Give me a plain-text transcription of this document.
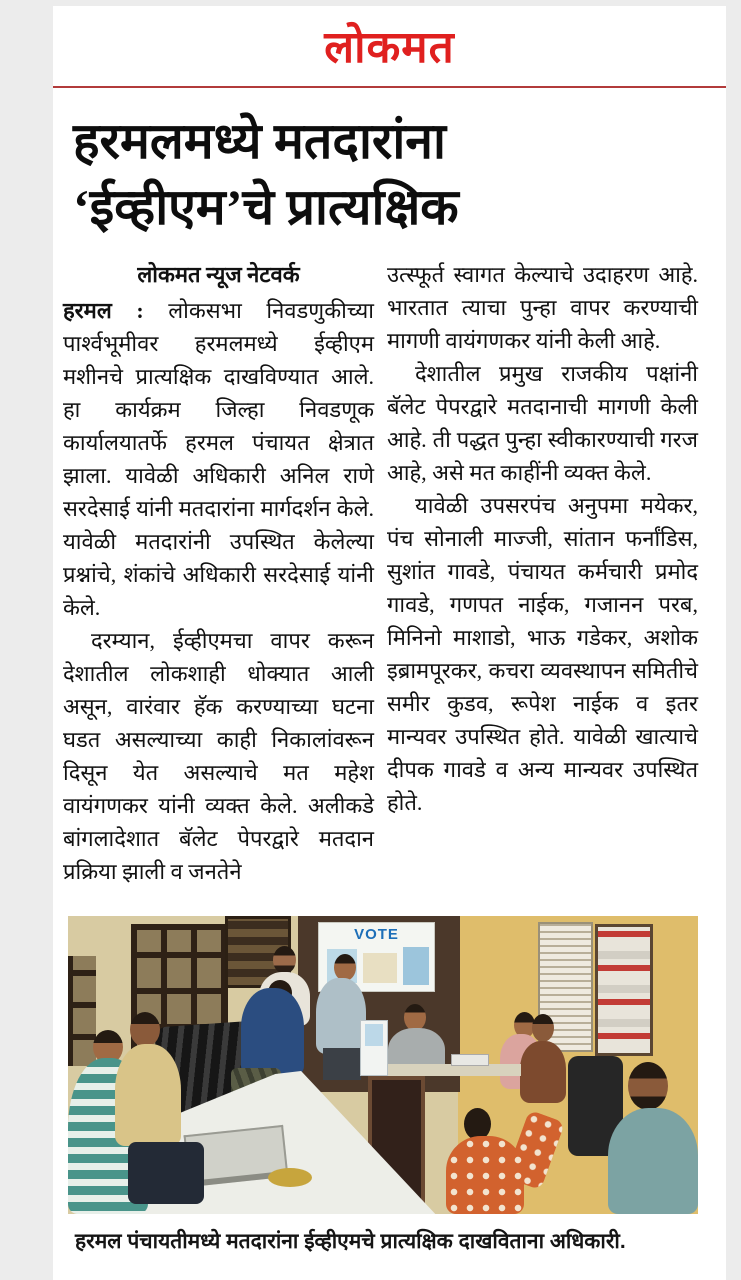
लोकमत
हरमलमध्ये मतदारांना
‘ईव्हीएम’चे प्रात्यक्षिक
लोकमत न्यूज नेटवर्क
हरमल : लोकसभा निवडणुकीच्या पार्श्वभूमीवर हरमलमध्ये ईव्हीएम मशीनचे प्रात्यक्षिक दाखविण्यात आले. हा कार्यक्रम जिल्हा निवडणूक कार्यालयातर्फे हरमल पंचायत क्षेत्रात झाला. यावेळी अधिकारी अनिल राणे सरदेसाई यांनी मतदारांना मार्गदर्शन केले. यावेळी मतदारांनी उपस्थित केलेल्या प्रश्नांचे, शंकांचे अधिकारी सरदेसाई यांनी केले.
दरम्यान, ईव्हीएमचा वापर करून देशातील लोकशाही धोक्यात आली असून, वारंवार हॅक करण्याच्या घटना घडत असल्याच्या काही निकालांवरून दिसून येत असल्याचे मत महेश वायंगणकर यांनी व्यक्त केले. अलीकडे बांगलादेशात बॅलेट पेपरद्वारे मतदान प्रक्रिया झाली व जनतेने
उत्स्फूर्त स्वागत केल्याचे उदाहरण आहे. भारतात त्याचा पुन्हा वापर करण्याची मागणी वायंगणकर यांनी केली आहे.
देशातील प्रमुख राजकीय पक्षांनी बॅलेट पेपरद्वारे मतदानाची मागणी केली आहे. ती पद्धत पुन्हा स्वीकारण्याची गरज आहे, असे मत काहींनी व्यक्त केले.
यावेळी उपसरपंच अनुपमा मयेकर, पंच सोनाली माज्जी, सांतान फर्नांडिस, सुशांत गावडे, पंचायत कर्मचारी प्रमोद गावडे, गणपत नाईक, गजानन परब, मिनिनो माशाडो, भाऊ गडेकर, अशोक इब्रामपूरकर, कचरा व्यवस्थापन समितीचे समीर कुडव, रूपेश नाईक व इतर मान्यवर उपस्थित होते. यावेळी खात्याचे दीपक गावडे व अन्य मान्यवर उपस्थित होते.
VOTE
हरमल पंचायतीमध्ये मतदारांना ईव्हीएमचे प्रात्यक्षिक दाखविताना अधिकारी.
